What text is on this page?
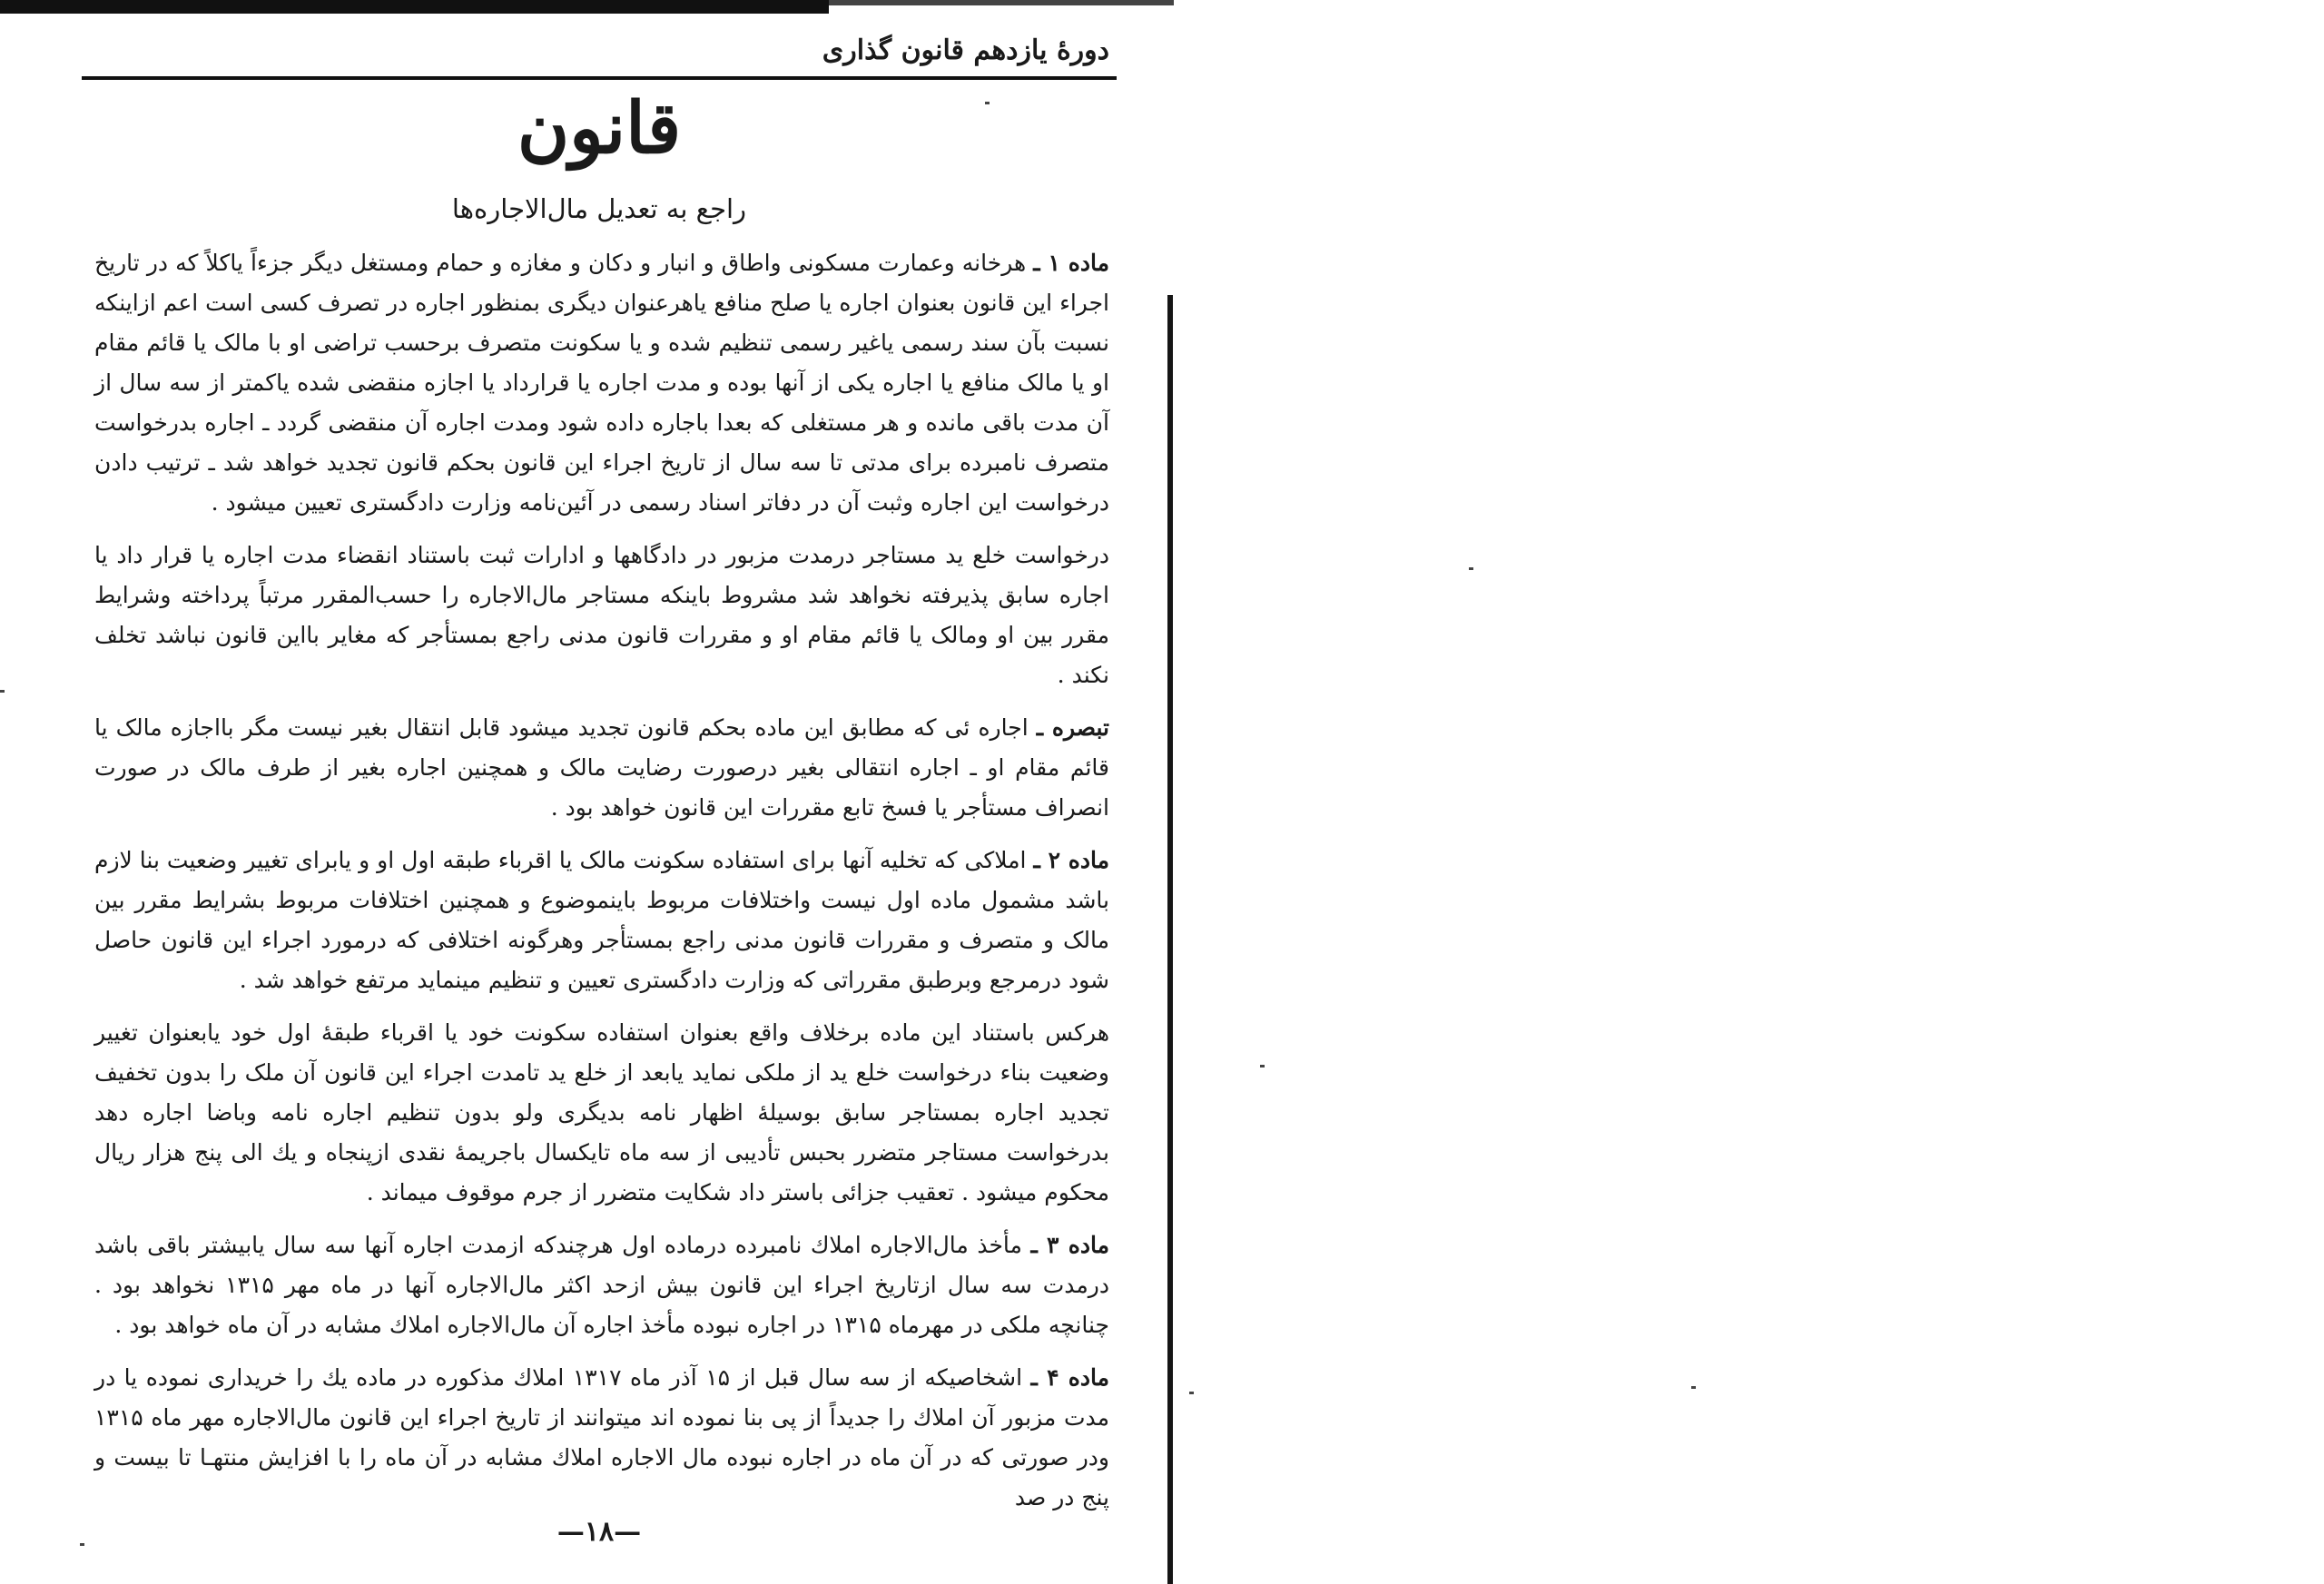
دورهٔ یازدهم قانون گذاری
قانون
راجع به تعدیل مال‌الاجاره‌ها

ماده ۱ ـ هرخانه وعمارت مسکونی واطاق و انبار و دکان و مغازه و حمام ومستغل دیگر جزءاً یاکلاً که در تاریخ اجراء این قانون بعنوان اجاره یا صلح منافع یاهرعنوان دیگری بمنظور اجاره در تصرف کسی است اعم ازاینکه نسبت بآن سند رسمی یاغیر رسمی تنظیم شده و یا سکونت متصرف برحسب تراضی او با مالک یا قائم مقام او یا مالک منافع یا اجاره یکی از آنها بوده و مدت اجاره یا قرارداد یا اجازه منقضی شده یاکمتر از سه سال از آن مدت باقی مانده و هر مستغلی که بعدا باجاره داده شود ومدت اجاره آن منقضی گردد ـ اجاره بدرخواست متصرف نامبرده برای مدتی تا سه سال از تاریخ اجراء این قانون بحکم قانون تجدید خواهد شد ـ ترتیب دادن درخواست این اجاره وثبت آن در دفاتر اسناد رسمی در آئین‌نامه وزارت دادگستری تعیین میشود .

درخواست خلع ید مستاجر درمدت مزبور در دادگاهها و ادارات ثبت باستناد انقضاء مدت اجاره یا قرار داد یا اجاره سابق پذیرفته نخواهد شد مشروط باینکه مستاجر مال‌الاجاره را حسب‌المقرر مرتباً پرداخته وشرایط مقرر بین او ومالک یا قائم مقام او و مقررات قانون مدنی راجع بمستأجر که مغایر بااین قانون نباشد تخلف نکند .

تبصره ـ اجاره ئی که مطابق این ماده بحکم قانون تجدید میشود قابل انتقال بغیر نیست مگر بااجازه مالک یا قائم مقام او ـ اجاره انتقالی بغیر درصورت رضایت مالک و همچنین اجاره بغیر از طرف مالک در صورت انصراف مستأجر یا فسخ تابع مقررات این قانون خواهد بود .

ماده ۲ ـ املاکی که تخلیه آنها برای استفاده سکونت مالک یا اقرباء طبقه اول او و یابرای تغییر وضعیت بنا لازم باشد مشمول ماده اول نیست واختلافات مربوط باینموضوع و همچنین اختلافات مربوط بشرایط مقرر بین مالک و متصرف و مقررات قانون مدنی راجع بمستأجر وهرگونه اختلافی که درمورد اجراء این قانون حاصل شود درمرجع وبرطبق مقرراتی که وزارت دادگستری تعیین و تنظیم مینماید مرتفع خواهد شد .

هرکس باستناد این ماده برخلاف واقع بعنوان استفاده سکونت خود یا اقرباء طبقهٔ اول خود یابعنوان تغییر وضعیت بناء درخواست خلع ید از ملکی نماید یابعد از خلع ید تامدت اجراء این قانون آن ملک را بدون تخفیف تجدید اجاره بمستاجر سابق بوسیلهٔ اظهار نامه بدیگری ولو بدون تنظیم اجاره نامه وباضا اجاره دهد بدرخواست مستاجر متضرر بحبس تأدیبی از سه ماه تایکسال باجریمهٔ نقدی ازپنجاه و یك الی پنج هزار ریال محکوم میشود . تعقیب جزائی باستر داد شکایت متضرر از جرم موقوف میماند .

ماده ۳ ـ مأخذ مال‌الاجاره املاك نامبرده درماده اول هرچندکه ازمدت اجاره آنها سه سال یابیشتر باقی باشد درمدت سه سال ازتاریخ اجراء این قانون بیش ازحد اکثر مال‌الاجاره آنها در ماه مهر ۱۳۱۵ نخواهد بود . چنانچه ملکی در مهرماه ۱۳۱۵ در اجاره نبوده مأخذ اجاره آن مال‌الاجاره املاك مشابه در آن ماه خواهد بود .

ماده ۴ ـ اشخاصیکه از سه سال قبل از ۱۵ آذر ماه ۱۳۱۷ املاك مذکوره در ماده یك را خریداری نموده یا در مدت مزبور آن املاك را جدیداً از پی بنا نموده اند میتوانند از تاریخ اجراء این قانون مال‌الاجاره مهر ماه ۱۳۱۵ ودر صورتی که در آن ماه در اجاره نبوده مال الاجاره املاك مشابه در آن ماه را با افزایش منتهـا تا بیست و پنج در صد

—۱۸—
